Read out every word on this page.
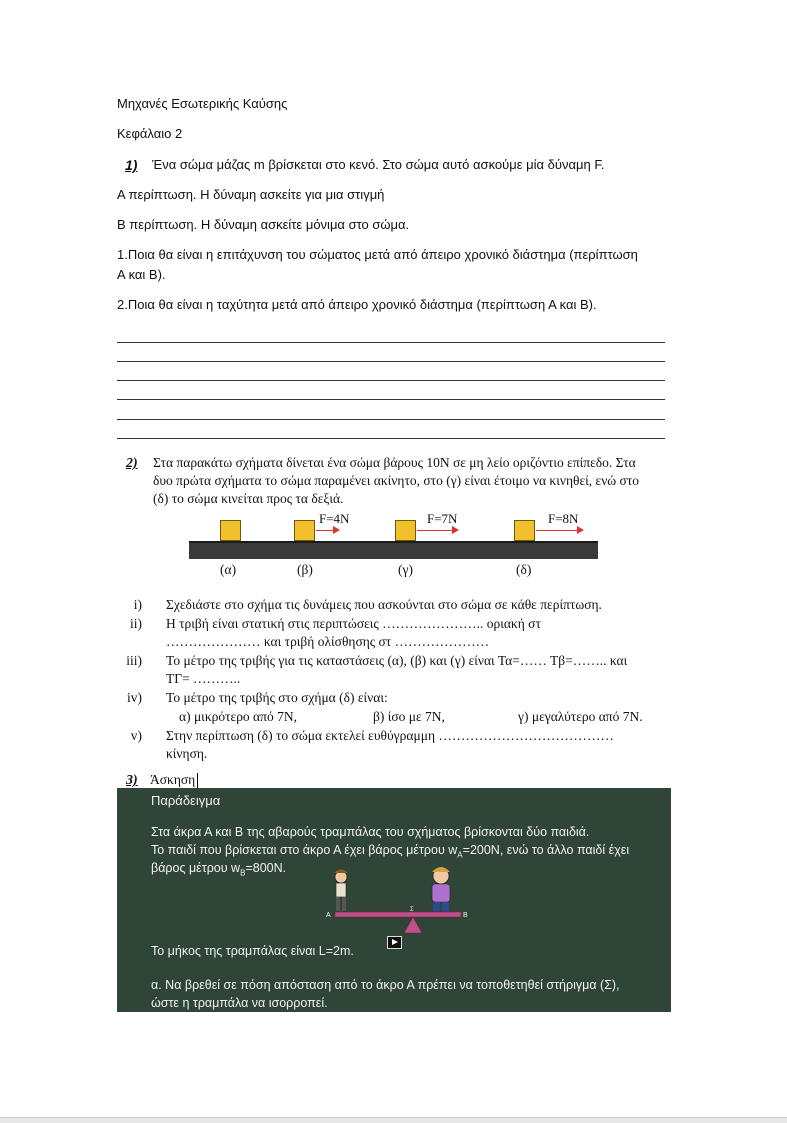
Μηχανές Εσωτερικής Καύσης
Κεφάλαιο 2
1) Ένα σώμα μάζας m βρίσκεται στο κενό. Στο σώμα αυτό ασκούμε μία δύναμη F.
Α περίπτωση. Η δύναμη ασκείτε για μια στιγμή
Β περίπτωση. Η δύναμη ασκείτε μόνιμα στο σώμα.
1.Ποια θα είναι η επιτάχυνση του σώματος μετά από άπειρο χρονικό διάστημα (περίπτωση
Α και Β).
2.Ποια θα είναι η ταχύτητα μετά από άπειρο χρονικό διάστημα (περίπτωση Α και Β).
2) Στα παρακάτω σχήματα δίνεται ένα σώμα βάρους 10Ν σε μη λείο οριζόντιο επίπεδο. Στα
δυο πρώτα σχήματα το σώμα παραμένει ακίνητο, στο (γ) είναι έτοιμο να κινηθεί, ενώ στο
(δ) το σώμα κινείται προς τα δεξιά.
F=4N	F=7N	F=8N
(α)	(β)	(γ)	(δ)
i) Σχεδιάστε στο σχήμα τις δυνάμεις που ασκούνται στο σώμα σε κάθε περίπτωση.
ii) Η τριβή είναι στατική στις περιπτώσεις ………………….. οριακή στ
………………… και τριβή ολίσθησης στ …………………
iii) Το μέτρο της τριβής για τις καταστάσεις (α), (β) και (γ) είναι Τα=…… Τβ=…….. και
ΤΓ= ………..
iv) Το μέτρο της τριβής στο σχήμα (δ) είναι:
α) μικρότερο από 7Ν,	β) ίσο με 7Ν,	γ) μεγαλύτερο από 7Ν.
v) Στην περίπτωση (δ) το σώμα εκτελεί ευθύγραμμη …………………………………
κίνηση.
3) Άσκηση
Παράδειγμα
Στα άκρα Α και Β της αβαρούς τραμπάλας του σχήματος βρίσκονται δύο παιδιά.
Το παιδί που βρίσκεται στο άκρο Α έχει βάρος μέτρου $w_A=200N$, ενώ το άλλο παιδί έχει
βάρος μέτρου $w_B=800N$.
A	B
Σ
Το μήκος της τραμπάλας είναι L=2m.
α. Να βρεθεί σε πόση απόσταση από το άκρο Α πρέπει να τοποθετηθεί στήριγμα (Σ),
ώστε η τραμπάλα να ισορροπεί.
